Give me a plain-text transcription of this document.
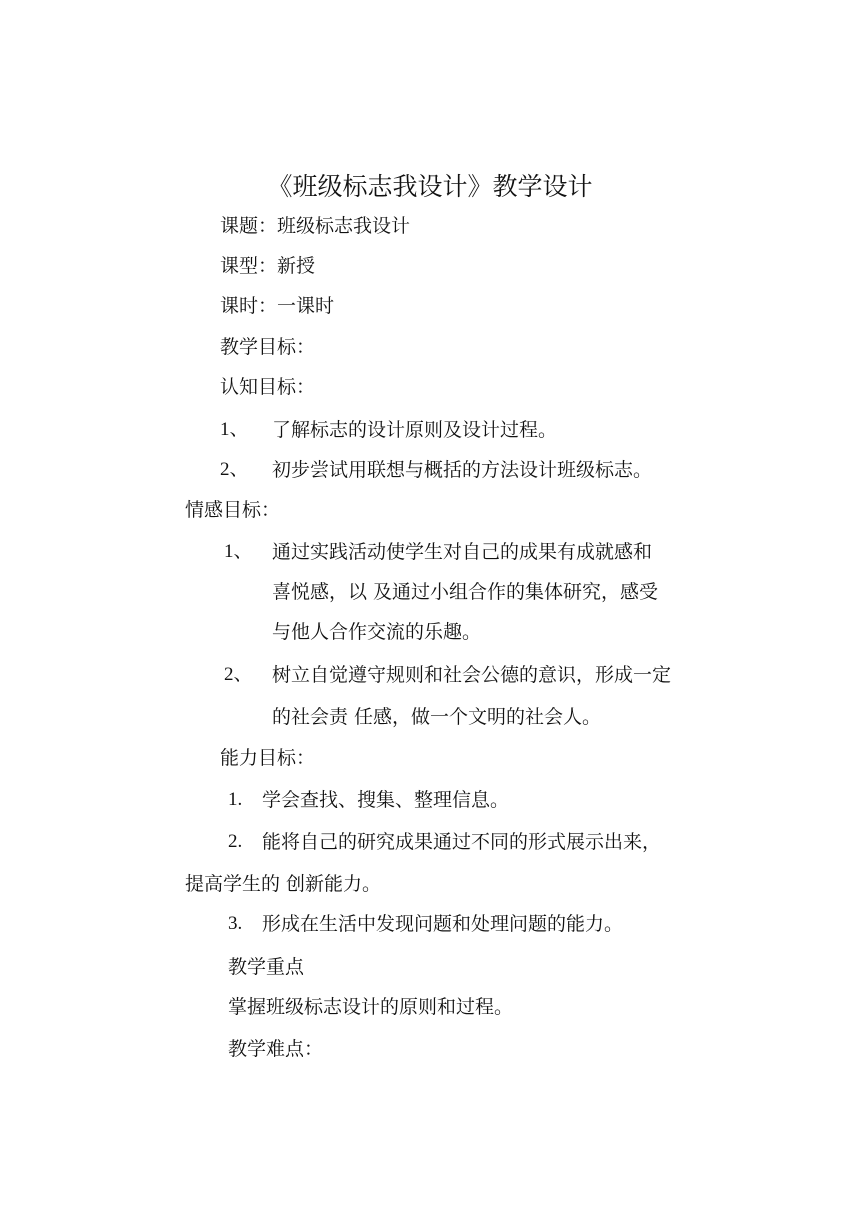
《班级标志我设计》教学设计
课题：班级标志我设计
课型：新授
课时：一课时
教学目标：
认知目标：
1、 了解标志的设计原则及设计过程。
2、 初步尝试用联想与概括的方法设计班级标志。
情感目标：
1、 通过实践活动使学生对自己的成果有成就感和
喜悦感，以 及通过小组合作的集体研究，感受
与他人合作交流的乐趣。
2、 树立自觉遵守规则和社会公德的意识，形成一定
的社会责 任感，做一个文明的社会人。
能力目标：
1. 学会查找、搜集、整理信息。
2. 能将自己的研究成果通过不同的形式展示出来，
提高学生的 创新能力。
3. 形成在生活中发现问题和处理问题的能力。
教学重点
掌握班级标志设计的原则和过程。
教学难点：
